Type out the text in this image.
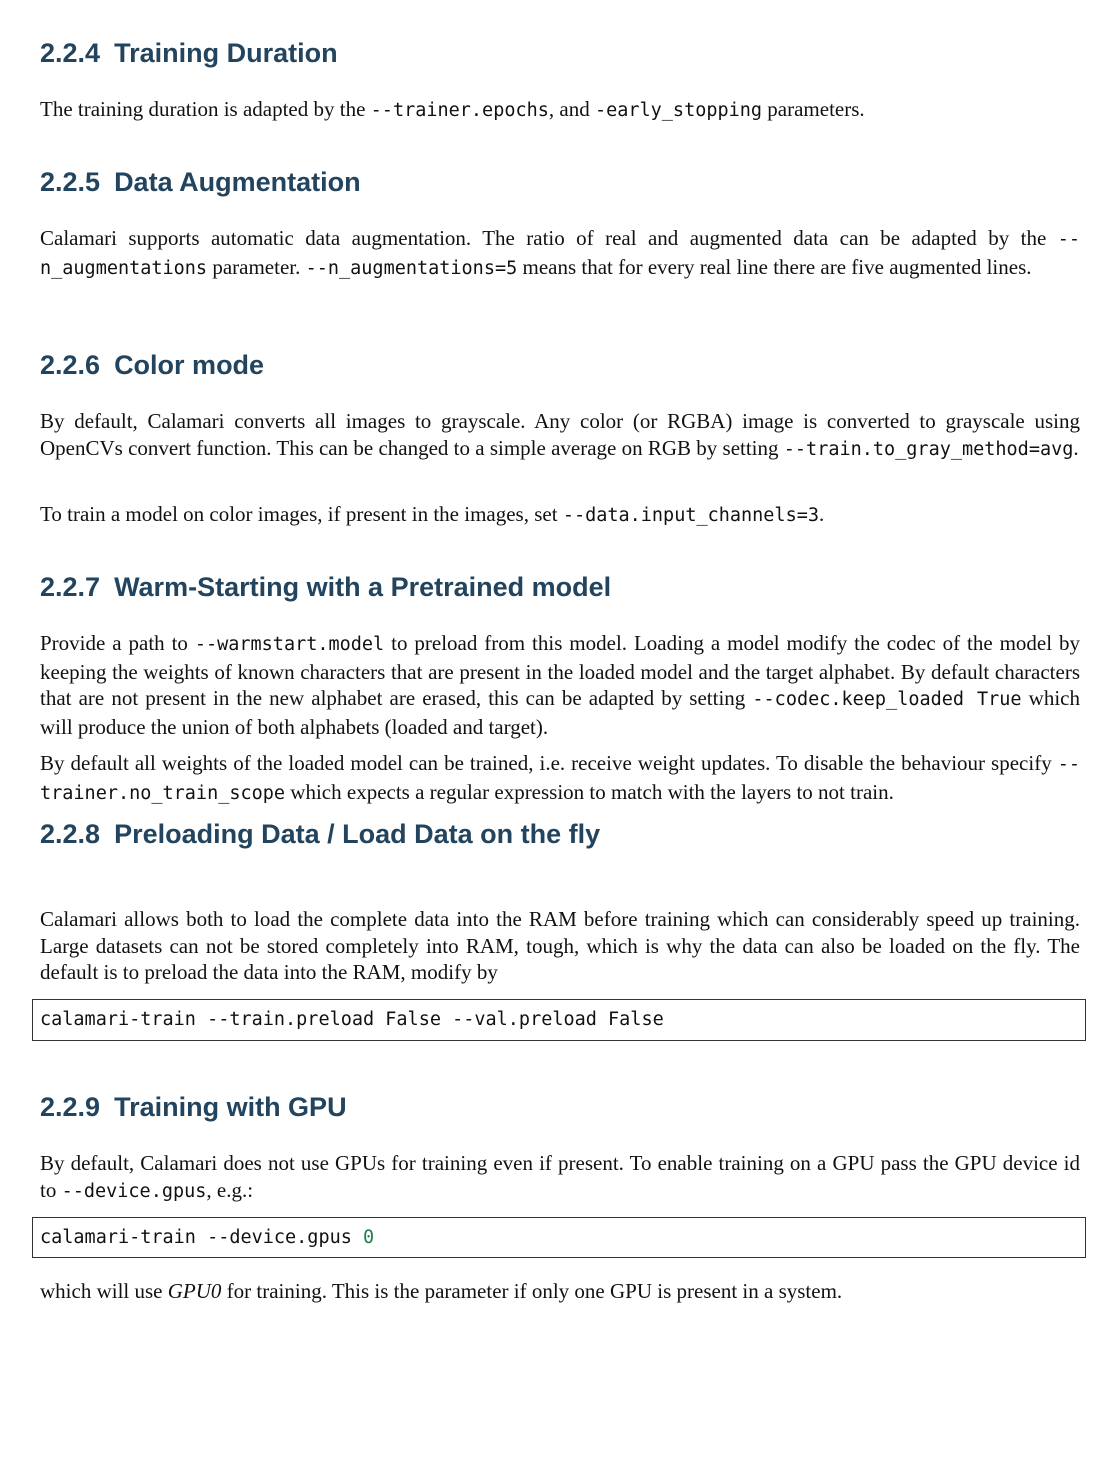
2.2.4 Training Duration

The training duration is adapted by the --trainer.epochs, and -early_stopping parameters.

2.2.5 Data Augmentation

Calamari supports automatic data augmentation. The ratio of real and augmented data can be adapted by the --n_augmentations parameter. --n_augmentations=5 means that for every real line there are five augmented lines.

2.2.6 Color mode

By default, Calamari converts all images to grayscale. Any color (or RGBA) image is converted to grayscale using OpenCVs convert function. This can be changed to a simple average on RGB by setting --train.to_gray_method=avg.

To train a model on color images, if present in the images, set --data.input_channels=3.

2.2.7 Warm-Starting with a Pretrained model

Provide a path to --warmstart.model to preload from this model. Loading a model modify the codec of the model by keeping the weights of known characters that are present in the loaded model and the target alphabet. By default characters that are not present in the new alphabet are erased, this can be adapted by setting --codec.keep_loaded True which will produce the union of both alphabets (loaded and target).

By default all weights of the loaded model can be trained, i.e. receive weight updates. To disable the behaviour specify --trainer.no_train_scope which expects a regular expression to match with the layers to not train.

2.2.8 Preloading Data / Load Data on the fly

Calamari allows both to load the complete data into the RAM before training which can considerably speed up training. Large datasets can not be stored completely into RAM, tough, which is why the data can also be loaded on the fly. The default is to preload the data into the RAM, modify by

calamari-train --train.preload False --val.preload False
2.2.9 Training with GPU

By default, Calamari does not use GPUs for training even if present. To enable training on a GPU pass the GPU device id to --device.gpus, e.g.:

calamari-train --device.gpus 0

which will use GPU0 for training. This is the parameter if only one GPU is present in a system.
